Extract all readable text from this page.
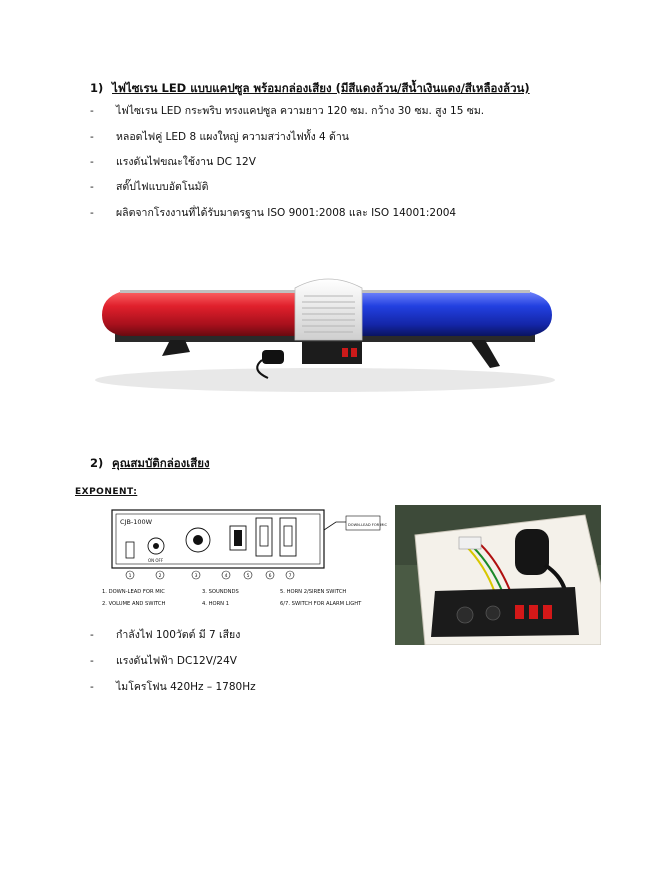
1) ไฟไซเรน LED แบบแคปซูล พร้อมกล่องเสียง (มีสีแดงล้วน/สีน้ำเงินแดง/สีเหลืองล้วน)
- ไฟไซเรน LED กระพริบ ทรงแคปซูล ความยาว 120 ซม. กว้าง 30 ซม. สูง 15 ซม.
- หลอดไฟคู่ LED 8 แผงใหญ่ ความสว่างไฟทั้ง 4 ด้าน
- แรงดันไฟขณะใช้งาน DC 12V
- สตั๊ปไฟแบบอัตโนมัติ
- ผลิตจากโรงงานที่ได้รับมาตรฐาน ISO 9001:2008 และ ISO 14001:2004
2) คุณสมบัติกล่องเสียง
EXPONENT:
CJB-100W	DOWN-LEAD FOR MIC
ON OFF
1	2	3	4	5	6	7
1. DOWN-LEAD FOR MIC
2. VOLUME AND SWITCH
3. SOUNDNDS
4. HORN 1
5. HORN 2/SIREN SWITCH
6/7. SWITCH FOR ALARM LIGHT
- กำลังไฟ 100วัตต์ มี 7 เสียง
- แรงดันไฟฟ้า DC12V/24V
- ไมโครโฟน 420Hz – 1780Hz
